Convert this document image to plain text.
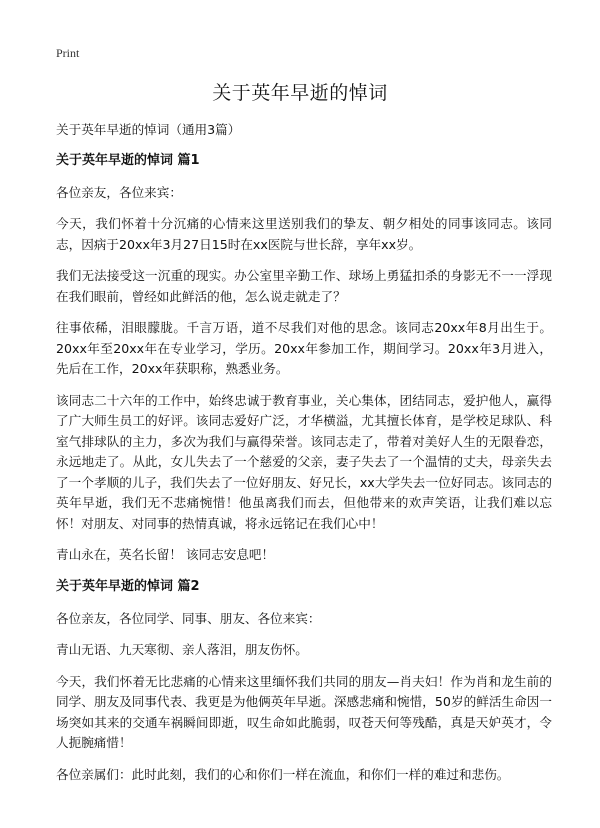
Print
关于英年早逝的悼词

关于英年早逝的悼词（通用3篇）

关于英年早逝的悼词 篇1

各位亲友，各位来宾：

今天，我们怀着十分沉痛的心情来这里送别我们的挚友、朝夕相处的同事该同志。该同志，因病于20xx年3月27日15时在xx医院与世长辞，享年xx岁。

我们无法接受这一沉重的现实。办公室里辛勤工作、球场上勇猛扣杀的身影无不一一浮现在我们眼前，曾经如此鲜活的他，怎么说走就走了？

往事依稀，泪眼朦胧。千言万语，道不尽我们对他的思念。该同志20xx年8月出生于。20xx年至20xx年在专业学习，学历。20xx年参加工作，期间学习。20xx年3月进入，先后在工作，20xx年获职称，熟悉业务。

该同志二十六年的工作中，始终忠诚于教育事业，关心集体，团结同志，爱护他人，赢得了广大师生员工的好评。该同志爱好广泛，才华横溢，尤其擅长体育，是学校足球队、科室气排球队的主力，多次为我们与赢得荣誉。该同志走了，带着对美好人生的无限眷恋，永远地走了。从此，女儿失去了一个慈爱的父亲，妻子失去了一个温情的丈夫，母亲失去了一个孝顺的儿子，我们失去了一位好朋友、好兄长，xx大学失去一位好同志。该同志的英年早逝，我们无不悲痛惋惜！他虽离我们而去，但他带来的欢声笑语，让我们难以忘怀！对朋友、对同事的热情真诚，将永远铭记在我们心中！

青山永在，英名长留！ 该同志安息吧！

关于英年早逝的悼词 篇2

各位亲友，各位同学、同事、朋友、各位来宾：

青山无语、九天寒彻、亲人落泪，朋友伤怀。

今天，我们怀着无比悲痛的心情来这里缅怀我们共同的朋友—肖夫妇！作为肖和龙生前的同学、朋友及同事代表、我更是为他俩英年早逝。深感悲痛和惋惜，50岁的鲜活生命因一场突如其来的交通车祸瞬间即逝，叹生命如此脆弱，叹苍天何等残酷，真是天妒英才，令人扼腕痛惜！

各位亲属们：此时此刻，我们的心和你们一样在流血，和你们一样的难过和悲伤。
